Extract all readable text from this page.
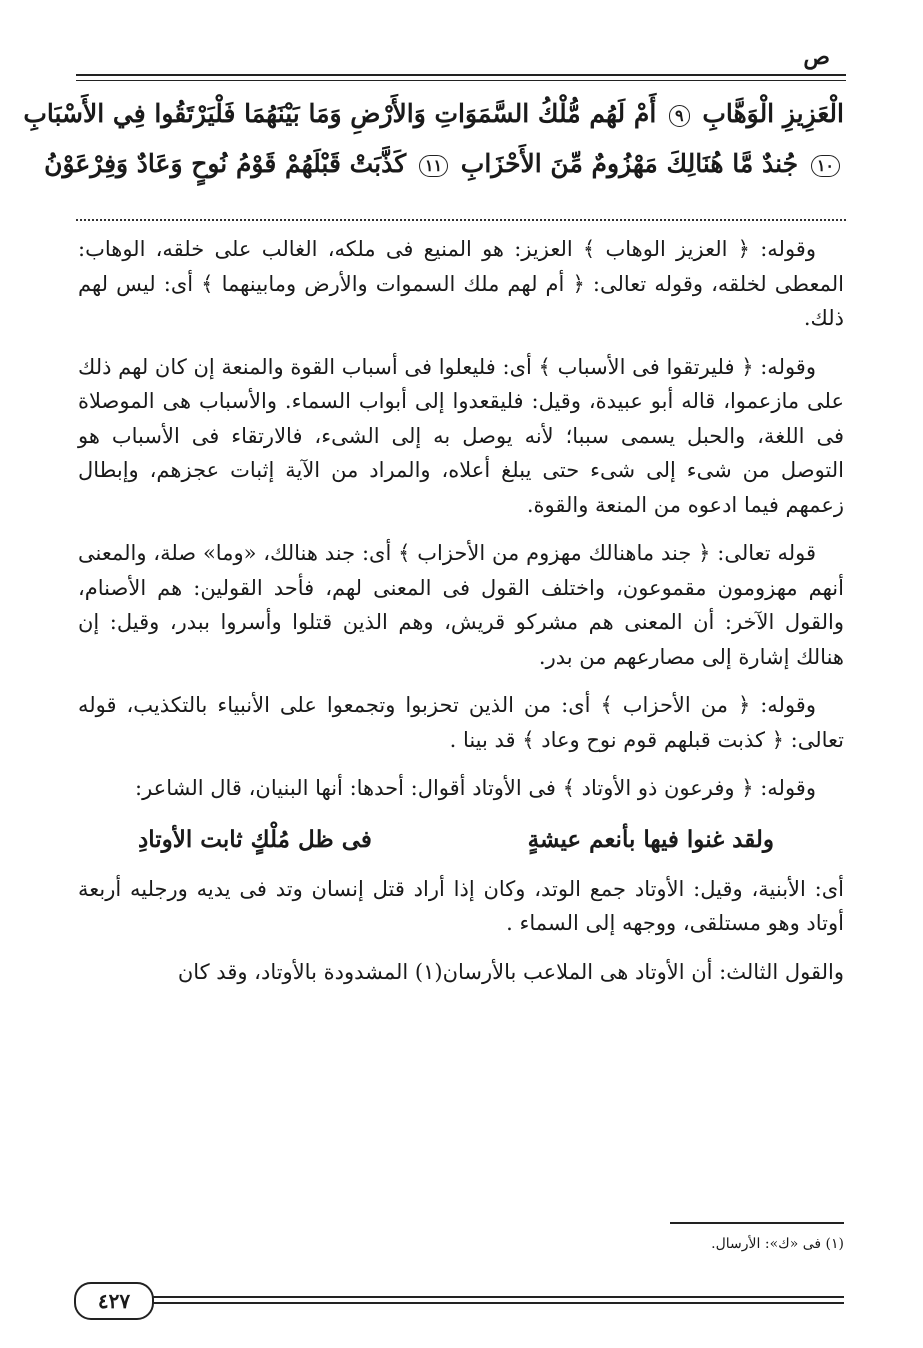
ص
الْعَزِيزِ الْوَهَّابِ ٩ أَمْ لَهُم مُّلْكُ السَّمَوَاتِ وَالأَرْضِ وَمَا بَيْنَهُمَا فَلْيَرْتَقُوا فِي الأَسْبَابِ
١٠ جُندٌ مَّا هُنَالِكَ مَهْزُومٌ مِّنَ الأَحْزَابِ ١١ كَذَّبَتْ قَبْلَهُمْ قَوْمُ نُوحٍ وَعَادٌ وَفِرْعَوْنُ

وقوله: ﴿ العزيز الوهاب ﴾ العزيز: هو المنيع فى ملكه، الغالب على خلقه، الوهاب: المعطى لخلقه، وقوله تعالى: ﴿ أم لهم ملك السموات والأرض ومابينهما ﴾ أى: ليس لهم ذلك.

وقوله: ﴿ فليرتقوا فى الأسباب ﴾ أى: فليعلوا فى أسباب القوة والمنعة إن كان لهم ذلك على مازعموا، قاله أبو عبيدة، وقيل: فليقعدوا إلى أبواب السماء. والأسباب هى الموصلاة فى اللغة، والحبل يسمى سببا؛ لأنه يوصل به إلى الشىء، فالارتقاء فى الأسباب هو التوصل من شىء إلى شىء حتى يبلغ أعلاه، والمراد من الآية إثبات عجزهم، وإبطال زعمهم فيما ادعوه من المنعة والقوة.

قوله تعالى: ﴿ جند ماهنالك مهزوم من الأحزاب ﴾ أى: جند هنالك، «وما» صلة، والمعنى أنهم مهزومون مقموعون، واختلف القول فى المعنى لهم، فأحد القولين: هم الأصنام، والقول الآخر: أن المعنى هم مشركو قريش، وهم الذين قتلوا وأسروا ببدر، وقيل: إن هنالك إشارة إلى مصارعهم من بدر.

وقوله: ﴿ من الأحزاب ﴾ أى: من الذين تحزبوا وتجمعوا على الأنبياء بالتكذيب، قوله تعالى: ﴿ كذبت قبلهم قوم نوح وعاد ﴾ قد بينا .

وقوله: ﴿ وفرعون ذو الأوتاد ﴾ فى الأوتاد أقوال: أحدها: أنها البنيان، قال الشاعر:

ولقد غنوا فيها بأنعم عيشةٍ
فى ظل مُلْكٍ ثابت الأوتادِ

أى: الأبنية، وقيل: الأوتاد جمع الوتد، وكان إذا أراد قتل إنسان وتد فى يديه ورجليه أربعة أوتاد وهو مستلقى، ووجهه إلى السماء .

والقول الثالث: أن الأوتاد هى الملاعب بالأرسان(١) المشدودة بالأوتاد، وقد كان

(١) فى «ك»: الأرسال.
٤٢٧
